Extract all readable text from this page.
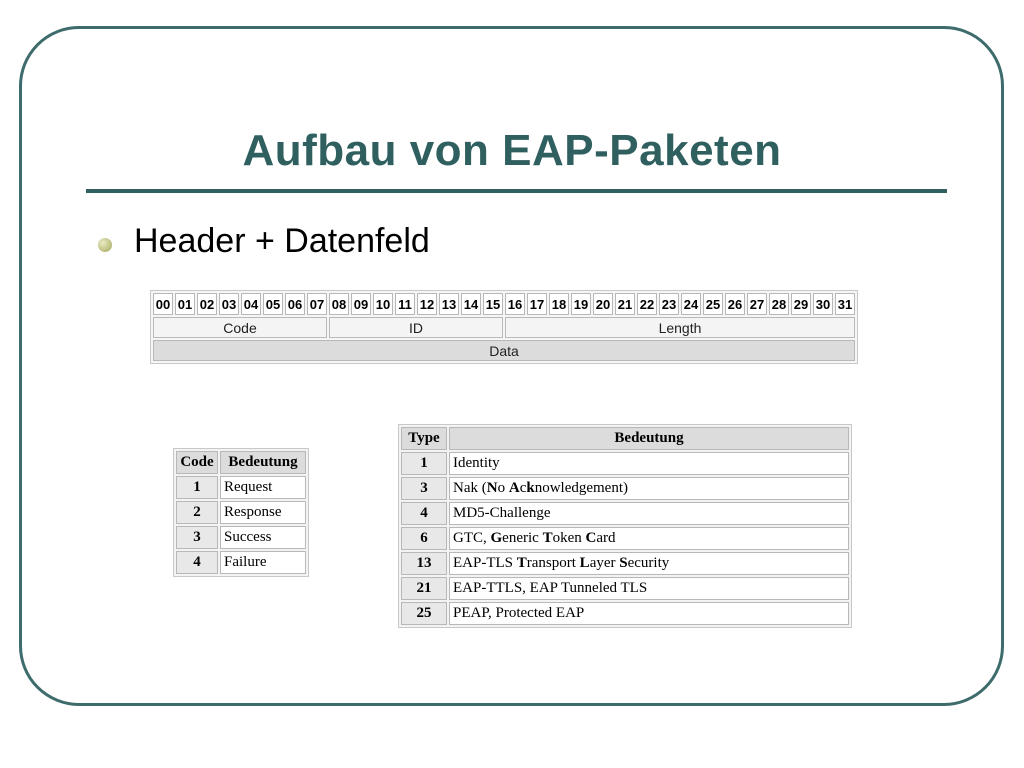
Aufbau von EAP-Paketen
Header + Datenfeld
00	01	02	03	04	05	06	07	08	09	10	11	12	13	14	15	16	17	18	19	20	21	22	23	24	25	26	27	28	29	30	31
Code								ID								Length															
Data																															
Code	Bedeutung
1	Request
2	Response
3	Success
4	Failure
Type	Bedeutung
1	Identity
3	Nak (No Acknowledgement)
4	MD5-Challenge
6	GTC, Generic Token Card
13	EAP-TLS Transport Layer Security
21	EAP-TTLS, EAP Tunneled TLS
25	PEAP, Protected EAP
